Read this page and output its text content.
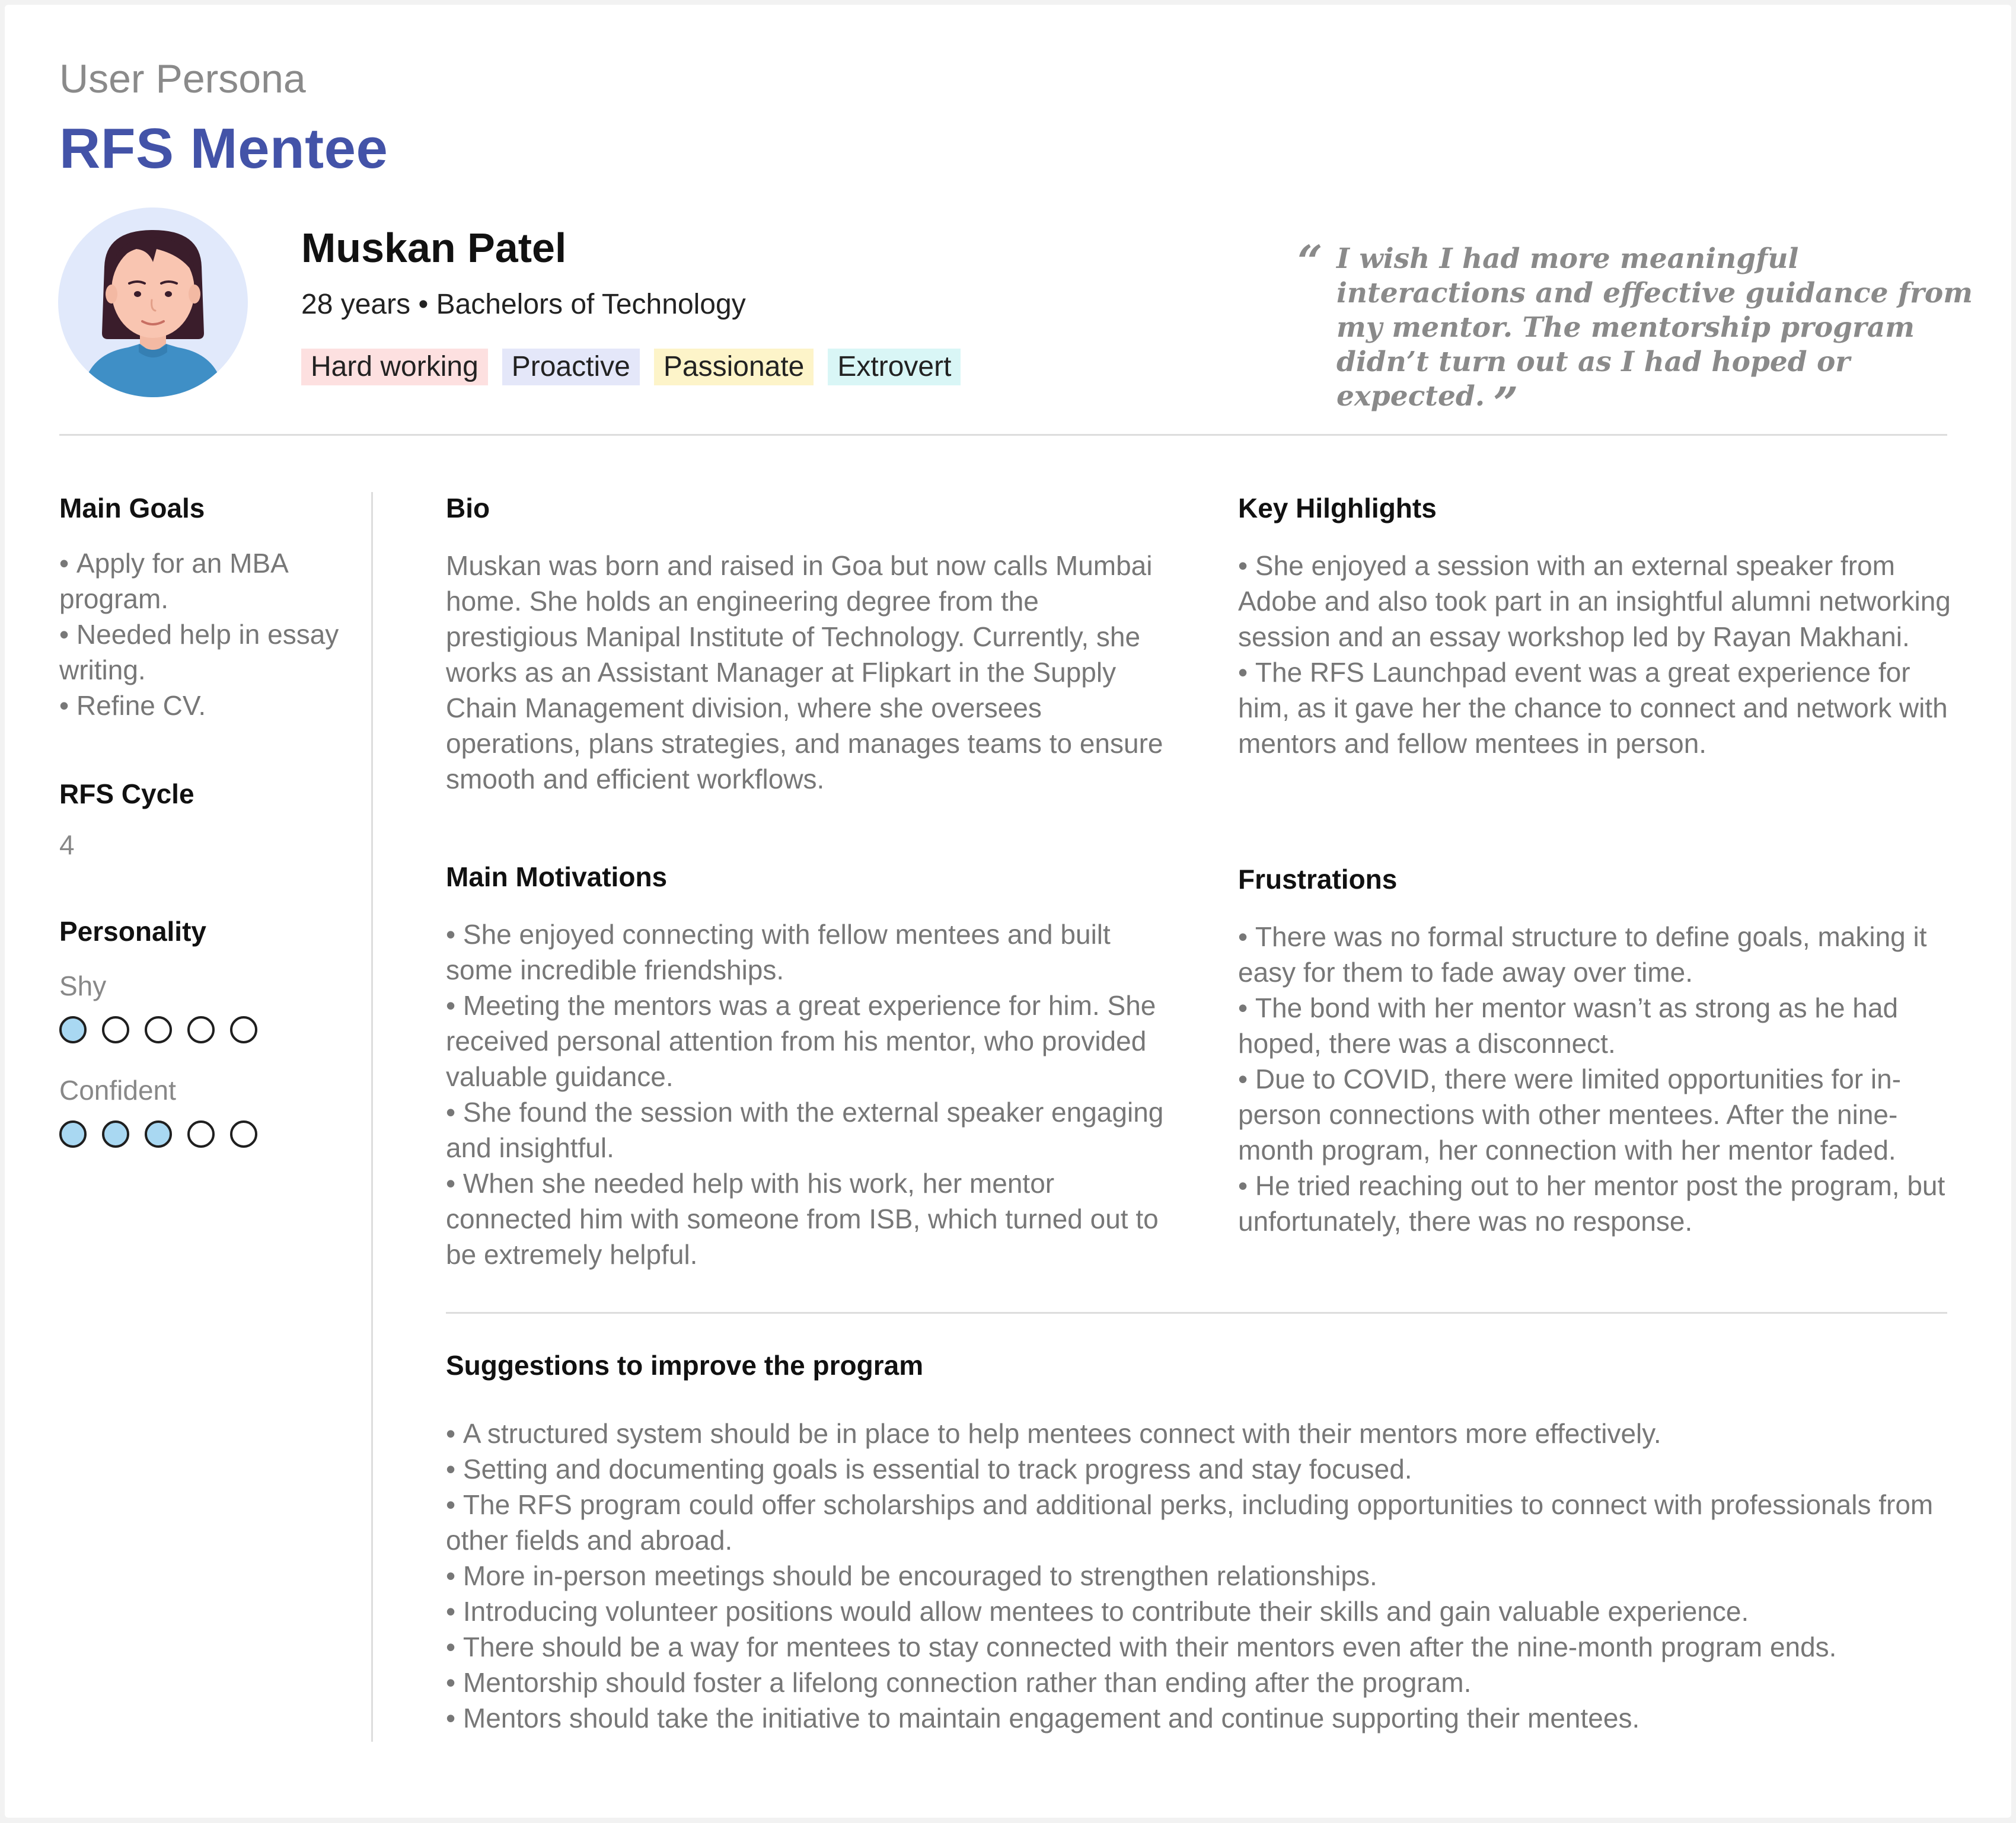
User Persona
RFS Mentee
Muskan Patel
28 years • Bachelors of Technology
Hard working	Proactive	Passionate	Extrovert
“ I wish I had more meaningful interactions and effective guidance from my mentor. The mentorship program didn’t turn out as I had hoped or expected. ”
Main Goals
• Apply for an MBA program.
• Needed help in essay writing.
• Refine CV.
RFS Cycle
4
Personality
Shy
Confident
Bio
Muskan was born and raised in Goa but now calls Mumbai home. She holds an engineering degree from the prestigious Manipal Institute of Technology. Currently, she works as an Assistant Manager at Flipkart in the Supply Chain Management division, where she oversees operations, plans strategies, and manages teams to ensure smooth and efficient workflows.
Key Hilghlights
• She enjoyed a session with an external speaker from Adobe and also took part in an insightful alumni networking session and an essay workshop led by Rayan Makhani.
• The RFS Launchpad event was a great experience for him, as it gave her the chance to connect and network with mentors and fellow mentees in person.
Main Motivations
• She enjoyed connecting with fellow mentees and built some incredible friendships.
• Meeting the mentors was a great experience for him. She received personal attention from his mentor, who provided valuable guidance.
• She found the session with the external speaker engaging and insightful.
• When she needed help with his work, her mentor connected him with someone from ISB, which turned out to be extremely helpful.
Frustrations
• There was no formal structure to define goals, making it easy for them to fade away over time.
• The bond with her mentor wasn’t as strong as he had hoped, there was a disconnect.
• Due to COVID, there were limited opportunities for in-person connections with other mentees. After the nine-month program, her connection with her mentor faded.
• He tried reaching out to her mentor post the program, but unfortunately, there was no response.
Suggestions to improve the program
• A structured system should be in place to help mentees connect with their mentors more effectively.
• Setting and documenting goals is essential to track progress and stay focused.
• The RFS program could offer scholarships and additional perks, including opportunities to connect with professionals from other fields and abroad.
• More in-person meetings should be encouraged to strengthen relationships.
• Introducing volunteer positions would allow mentees to contribute their skills and gain valuable experience.
• There should be a way for mentees to stay connected with their mentors even after the nine-month program ends.
• Mentorship should foster a lifelong connection rather than ending after the program.
• Mentors should take the initiative to maintain engagement and continue supporting their mentees.
